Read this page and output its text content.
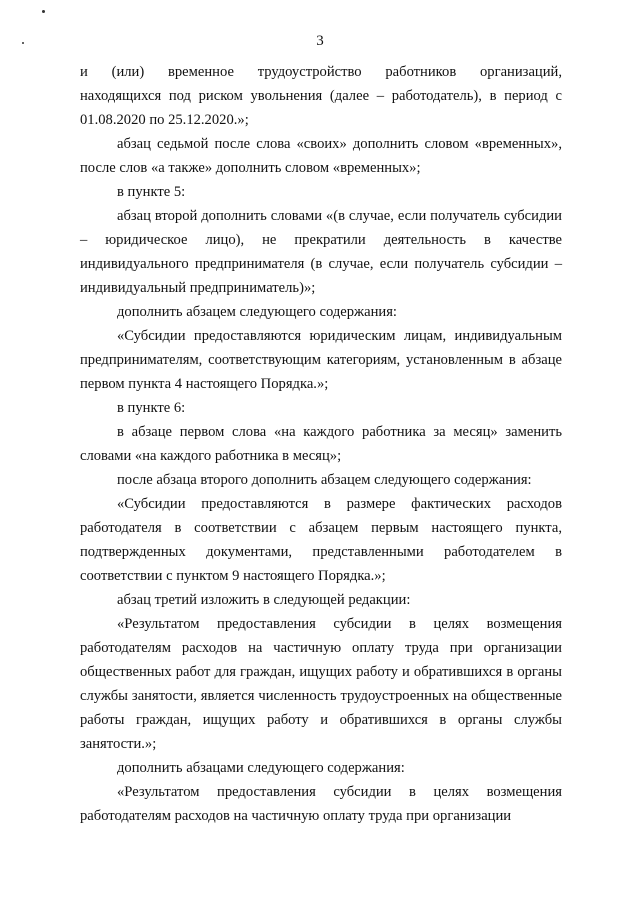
3

и (или) временное трудоустройство работников организаций,
находящихся под риском увольнения (далее – работодатель), в период с 01.08.2020 по 25.12.2020.»;

абзац седьмой после слова «своих» дополнить словом «временных», после слов «а также» дополнить словом «временных»;

в пункте 5:

абзац второй дополнить словами «(в случае, если получатель субсидии – юридическое лицо), не прекратили деятельность в качестве индивидуального предпринимателя (в случае, если получатель субсидии – индивидуальный предприниматель)»;

дополнить абзацем следующего содержания:

«Субсидии предоставляются юридическим лицам, индивидуальным предпринимателям, соответствующим категориям, установленным в абзаце первом пункта 4 настоящего Порядка.»;

в пункте 6:

в абзаце первом слова «на каждого работника за месяц» заменить словами «на каждого работника в месяц»;

после абзаца второго дополнить абзацем следующего содержания:

«Субсидии предоставляются в размере фактических расходов работодателя в соответствии с абзацем первым настоящего пункта, подтвержденных документами, представленными работодателем в соответствии с пунктом 9 настоящего Порядка.»;

абзац третий изложить в следующей редакции:

«Результатом предоставления субсидии в целях возмещения работодателям расходов на частичную оплату труда при организации общественных работ для граждан, ищущих работу и обратившихся в органы службы занятости, является численность трудоустроенных на общественные работы граждан, ищущих работу и обратившихся в органы службы занятости.»;

дополнить абзацами следующего содержания:

«Результатом предоставления субсидии в целях возмещения работодателям расходов на частичную оплату труда при организации
